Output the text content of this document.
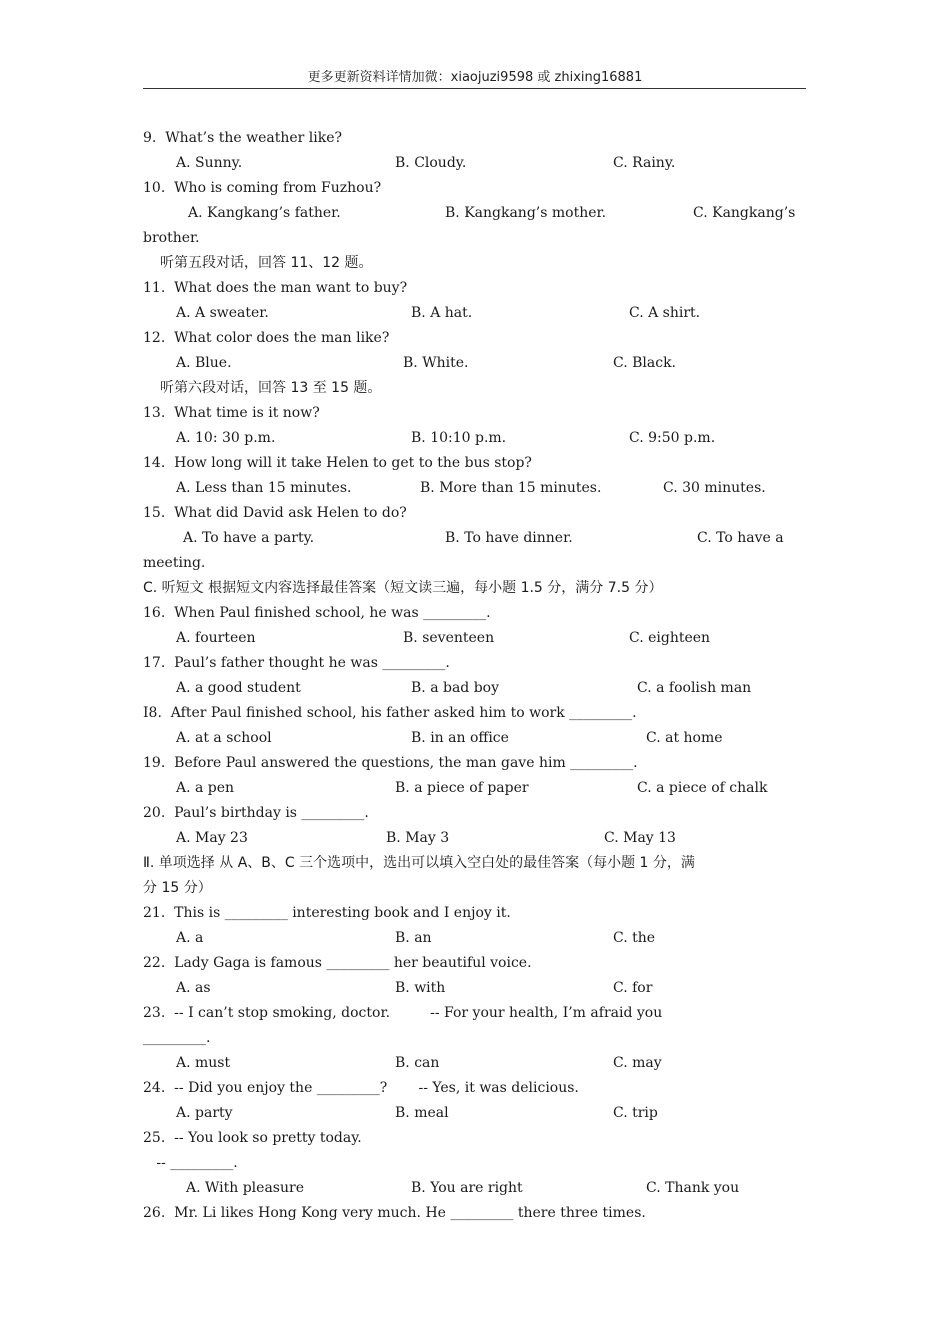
更多更新资料详情加微：xiaojuzi9598 或 zhixing16881
9.  What’s the weather like?

A. Sunny.

	B. Cloudy.

	C. Rainy.

10.  Who is coming from Fuzhou?

A. Kangkang’s father.

	B. Kangkang’s mother.

	C. Kangkang’s

brother.
听第五段对话，回答 11、12 题。
11.  What does the man want to buy?

A. A sweater.

	B. A hat.

	C. A shirt.

12.  What color does the man like?

A. Blue.

	B. White.

	C. Black.

听第六段对话，回答 13 至 15 题。
13.  What time is it now?

A. 10: 30 p.m.

	B. 10:10 p.m.

	C. 9:50 p.m.

14.  How long will it take Helen to get to the bus stop?

A. Less than 15 minutes.

	B. More than 15 minutes.

	C. 30 minutes.

15.  What did David ask Helen to do?

A. To have a party.

	B. To have dinner.

	C. To have a

meeting.
C. 听短文 根据短文内容选择最佳答案（短文读三遍，每小题 1.5 分，满分 7.5 分）
16.  When Paul finished school, he was _________.

A. fourteen

	B. seventeen

	C. eighteen

17.  Paul’s father thought he was _________.

A. a good student

	B. a bad boy

	C. a foolish man

I8.  After Paul finished school, his father asked him to work _________.

A. at a school

	B. in an office

	C. at home

19.  Before Paul answered the questions, the man gave him _________.

A. a pen

	B. a piece of paper

	C. a piece of chalk

20.  Paul’s birthday is _________.

A. May 23

	B. May 3

	C. May 13

Ⅱ. 单项选择 从 A、B、C 三个选项中，选出可以填入空白处的最佳答案（每小题 1 分，满
分 15 分）
21.  This is _________ interesting book and I enjoy it.

A. a

	B. an

	C. the

22.  Lady Gaga is famous _________ her beautiful voice.

A. as

	B. with

	C. for

23.  -- I can’t stop smoking, doctor.         -- For your health, I’m afraid you
_________.

A. must

	B. can

	C. may

24.  -- Did you enjoy the _________?       -- Yes, it was delicious.

A. party

	B. meal

	C. trip

25.  -- You look so pretty today.
-- _________.

A. With pleasure

	B. You are right

	C. Thank you

26.  Mr. Li likes Hong Kong very much. He _________ there three times.
